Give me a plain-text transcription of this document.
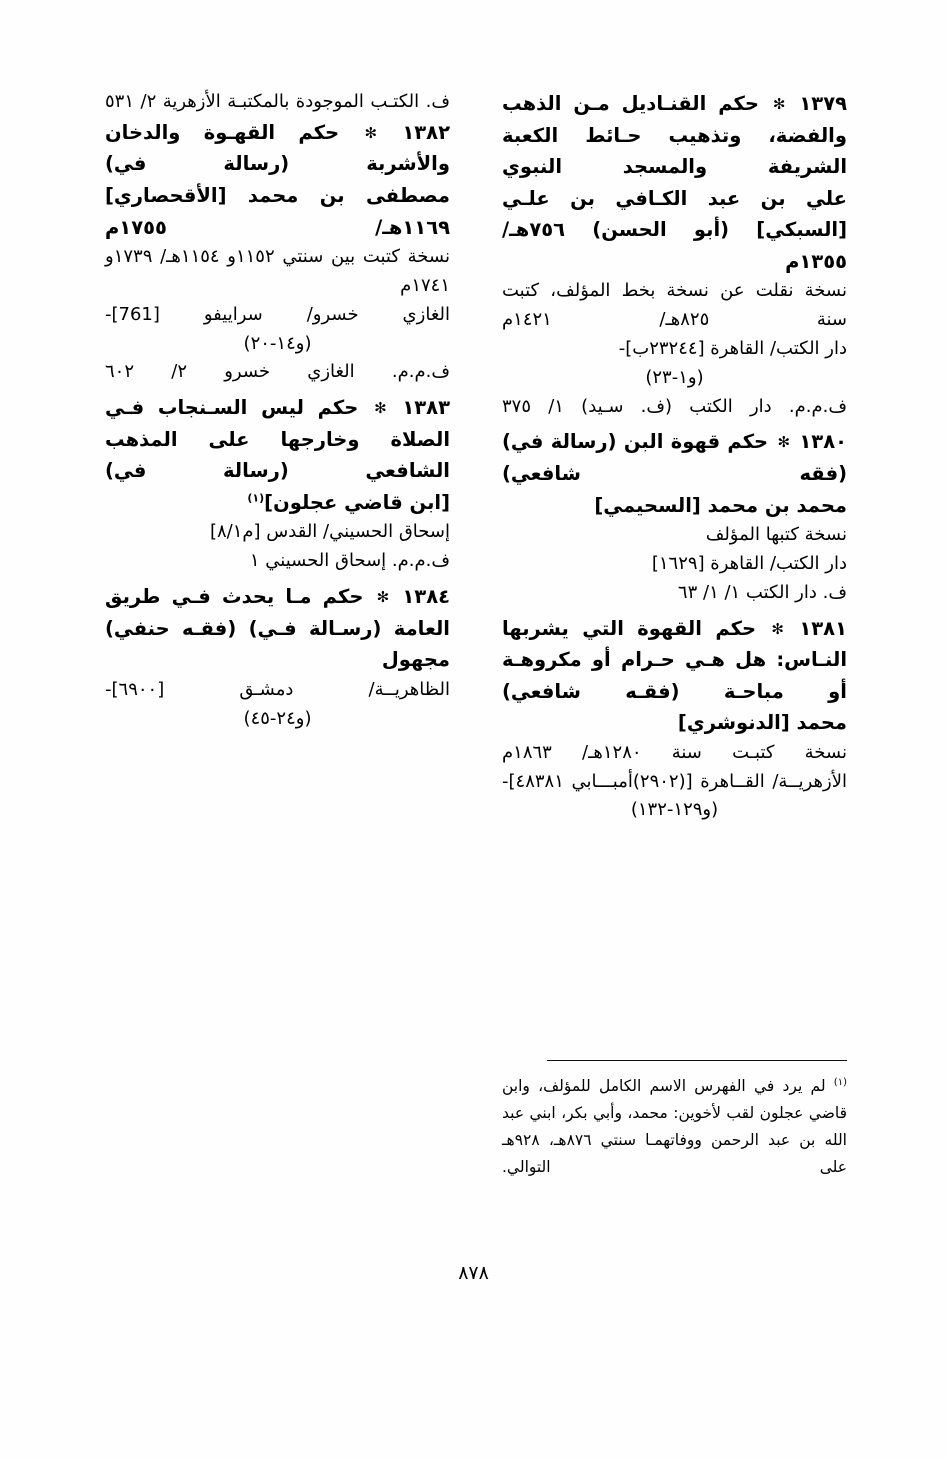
١٣٧٩ ✻ حكم القنـاديل مـن الذهب والفضة، وتذهيب حـائط الكعبة الشريفة والمسجد النبوي
علي بن عبد الكـافي بن علـي [السبكي] (أبو الحسن) ٧٥٦هـ/ ١٣٥٥م
نسخة نقلت عن نسخة بخط المؤلف، كتبت سنة ٨٢٥هـ/ ١٤٢١م
دار الكتب/ القاهرة [٢٣٢٤٤ب]-
(و١-٢٣)
ف.م.م. دار الكتب (ف. سـيد) ١/ ٣٧٥
١٣٨٠ ✻ حكم قهوة البن (رسالة في) (فقه شافعي)
محمد بن محمد [السحيمي]
نسخة كتبها المؤلف
دار الكتب/ القاهرة [١٦٢٩]
ف. دار الكتب ١/ ١/ ٦٣
١٣٨١ ✻ حكم القهوة التي يشربها النـاس: هل هـي حـرام أو مكروهـة أو مباحـة (فقـه شافعي)
محمد [الدنوشري]
نسخة كتبـت سنة ١٢٨٠هـ/ ١٨٦٣م
الأزهريــة/ القــاهرة [(٢٩٠٢)أمبـــابي ٤٨٣٨١]-
(و١٢٩-١٣٢)
ف. الكتـب الموجودة بالمكتبـة الأزهرية ٢/ ٥٣١
١٣٨٢ ✻ حكم القهـوة والدخان والأشربة (رسالة في)
مصطفى بن محمد [الأقحصاري] ١١٦٩هـ/ ١٧٥٥م
نسخة كتبت بين سنتي ١١٥٢و ١١٥٤هـ/ ١٧٣٩و ١٧٤١م
الغازي خسرو/ سراييفو [761]-
(و١٤-٢٠)
ف.م.م. الغازي خسرو ٢/ ٦٠٢
١٣٨٣ ✻ حكم ليس السـنجاب فـي الصلاة وخارجها على المذهب الشافعي (رسالة في)
[ابن قاضي عجلون]$^{(١)}$
إسحاق الحسيني/ القدس [م٨/١]
ف.م.م. إسحاق الحسيني ١
١٣٨٤ ✻ حكم مـا يحدث فـي طريق العامة (رسـالة فـي) (فقـه حنفي)
مجهول
الظاهريــة/ دمشـق [٦٩٠٠]-
(و٢٤-٤٥)
$^{(١)}$ لم يرد في الفهرس الاسم الكامل للمؤلف، وابن قاضي عجلون لقب لأخوين: محمد، وأبي بكر، ابني عبد الله بن عبد الرحمن ووفاتهمـا سنتي ٨٧٦هـ، ٩٢٨هـ على التوالي.
٨٧٨
